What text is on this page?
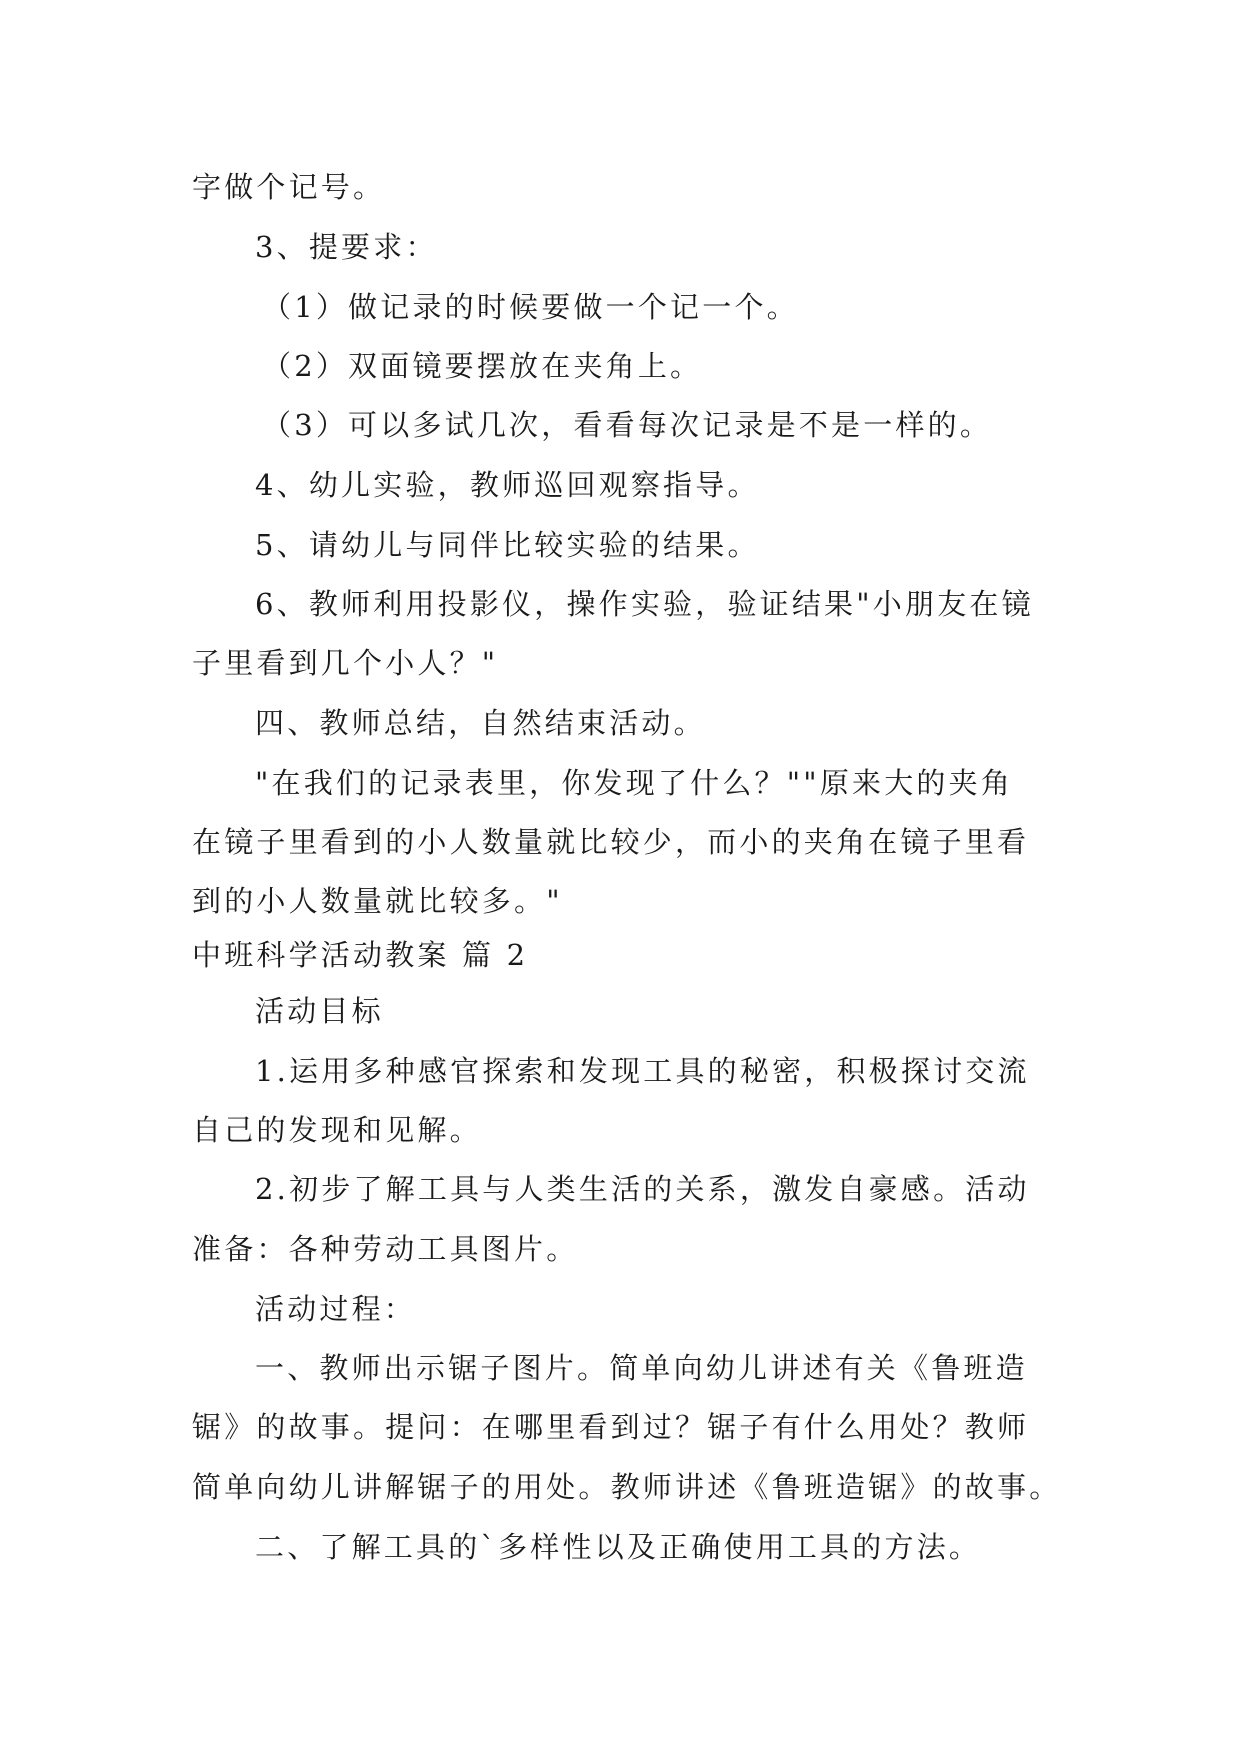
字做个记号。

3、提要求：

（1）做记录的时候要做一个记一个。

（2）双面镜要摆放在夹角上。

（3）可以多试几次，看看每次记录是不是一样的。

4、幼儿实验，教师巡回观察指导。

5、请幼儿与同伴比较实验的结果。

6、教师利用投影仪，操作实验，验证结果"小朋友在镜

子里看到几个小人？"

四、教师总结，自然结束活动。

"在我们的记录表里，你发现了什么？""原来大的夹角

在镜子里看到的小人数量就比较少，而小的夹角在镜子里看

到的小人数量就比较多。"

中班科学活动教案 篇 2

活动目标

1.运用多种感官探索和发现工具的秘密，积极探讨交流

自己的发现和见解。

2.初步了解工具与人类生活的关系，激发自豪感。活动

准备：各种劳动工具图片。

活动过程：

一、教师出示锯子图片。简单向幼儿讲述有关《鲁班造

锯》的故事。提问：在哪里看到过？锯子有什么用处？教师

简单向幼儿讲解锯子的用处。教师讲述《鲁班造锯》的故事。

二、了解工具的`多样性以及正确使用工具的方法。
